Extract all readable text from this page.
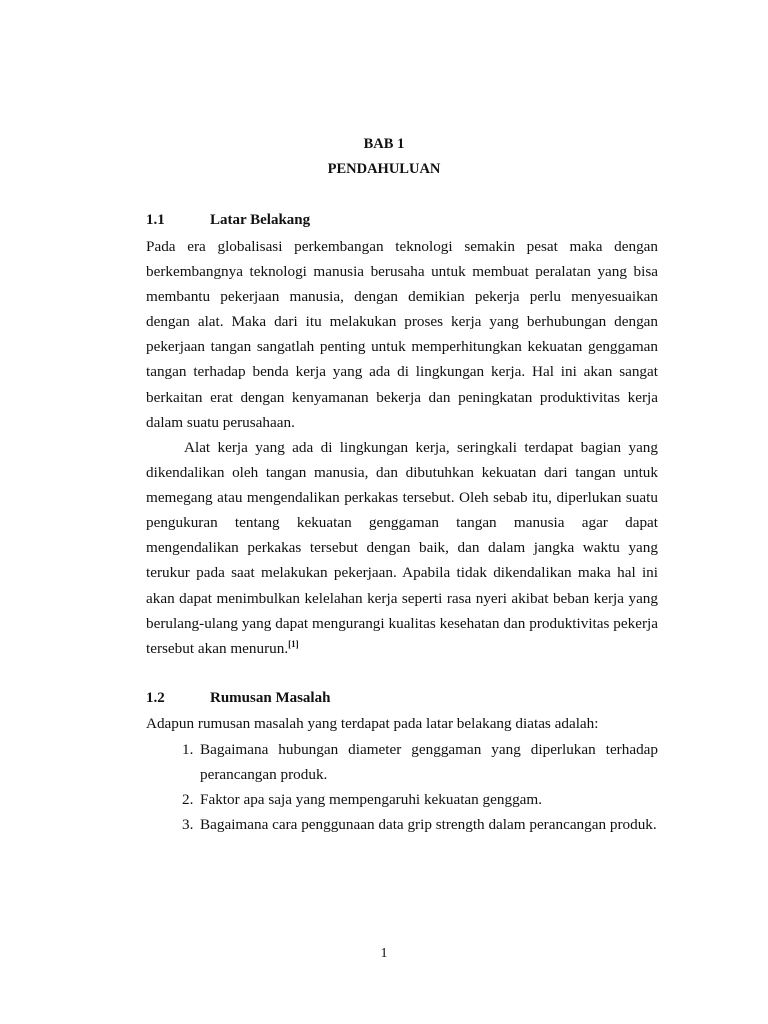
BAB 1
PENDAHULUAN
1.1	Latar Belakang
Pada era globalisasi perkembangan teknologi semakin pesat maka dengan berkembangnya teknologi manusia berusaha untuk membuat peralatan yang bisa membantu pekerjaan manusia, dengan demikian pekerja perlu menyesuaikan dengan alat. Maka dari itu melakukan proses kerja yang berhubungan dengan pekerjaan tangan sangatlah penting untuk memperhitungkan kekuatan genggaman tangan terhadap benda kerja yang ada di lingkungan kerja. Hal ini akan sangat berkaitan erat dengan kenyamanan bekerja dan peningkatan produktivitas kerja dalam suatu perusahaan.
Alat kerja yang ada di lingkungan kerja, seringkali terdapat bagian yang dikendalikan oleh tangan manusia, dan dibutuhkan kekuatan dari tangan untuk memegang atau mengendalikan perkakas tersebut. Oleh sebab itu, diperlukan suatu pengukuran tentang kekuatan genggaman tangan manusia agar dapat mengendalikan perkakas tersebut dengan baik, dan dalam jangka waktu yang terukur pada saat melakukan pekerjaan. Apabila tidak dikendalikan maka hal ini akan dapat menimbulkan kelelahan kerja seperti rasa nyeri akibat beban kerja yang berulang-ulang yang dapat mengurangi kualitas kesehatan dan produktivitas pekerja tersebut akan menurun.[1]
1.2	Rumusan Masalah
Adapun rumusan masalah yang terdapat pada latar belakang diatas adalah:
1. Bagaimana hubungan diameter genggaman yang diperlukan terhadap perancangan produk.
2. Faktor apa saja yang mempengaruhi kekuatan genggam.
3. Bagaimana cara penggunaan data grip strength dalam perancangan produk.
1
